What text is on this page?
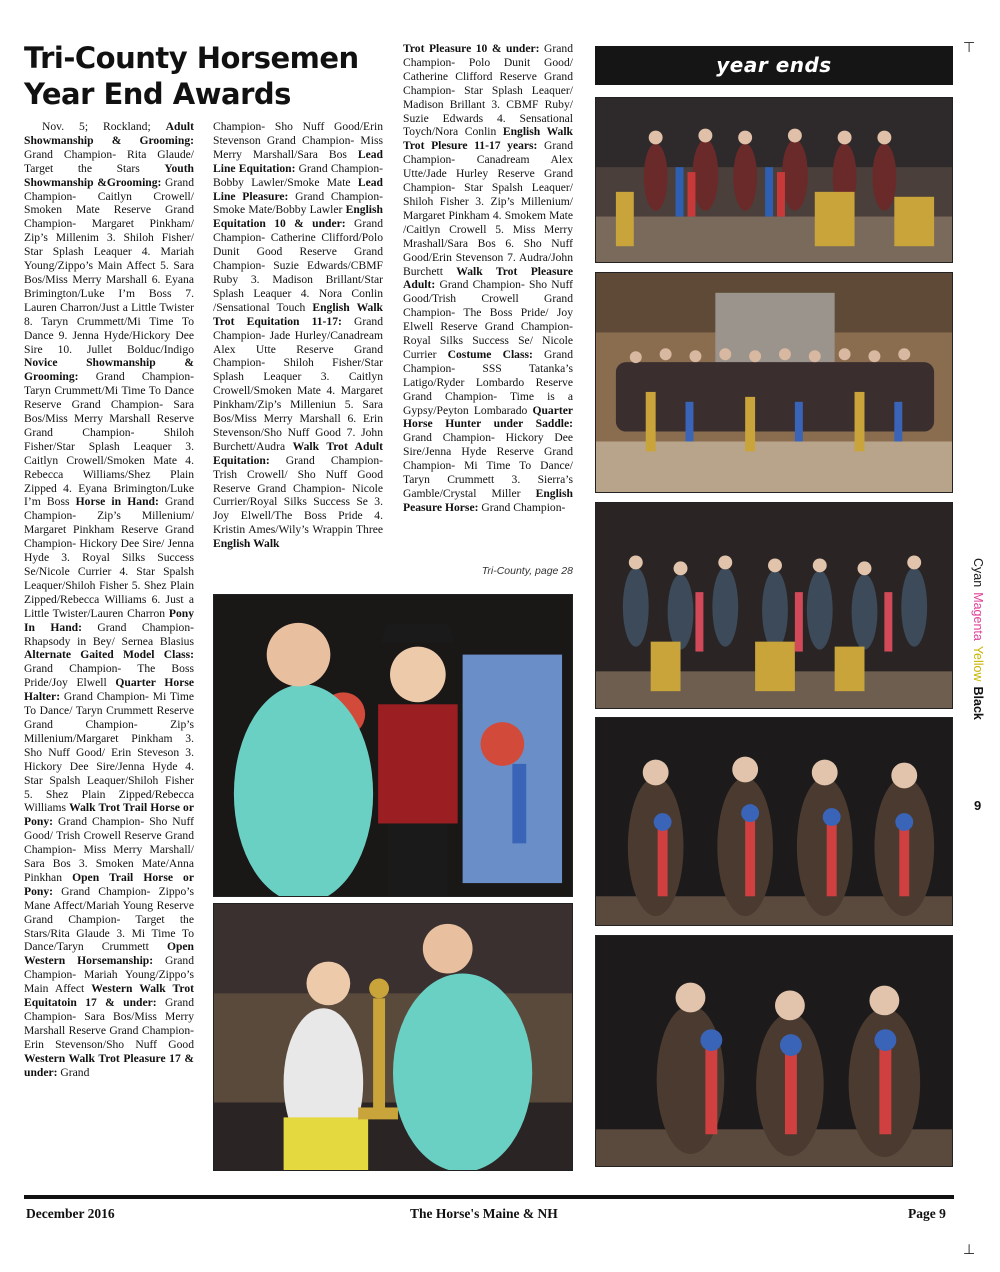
Tri-County Horsemen Year End Awards
Nov. 5; Rockland; Adult Showmanship & Grooming: Grand Champion- Rita Glaude/ Target the Stars Youth Showmanship &Grooming: Grand Champion- Caitlyn Crowell/ Smoken Mate Reserve Grand Champion- Margaret Pinkham/ Zip’s Millenim 3. Shiloh Fisher/ Star Splash Leaquer 4. Mariah Young/Zippo’s Main Affect 5. Sara Bos/Miss Merry Marshall 6. Eyana Brimington/Luke I’m Boss 7. Lauren Charron/Just a Little Twister 8. Taryn Crummett/Mi Time To Dance 9. Jenna Hyde/Hickory Dee Sire 10. Jullet Bolduc/Indigo Novice Showmanship & Grooming: Grand Champion- Taryn Crummett/Mi Time To Dance Reserve Grand Champion- Sara Bos/Miss Merry Marshall Reserve Grand Champion- Shiloh Fisher/Star Splash Leaquer 3. Caitlyn Crowell/Smoken Mate 4. Rebecca Williams/Shez Plain Zipped 4. Eyana Brimington/Luke I’m Boss Horse in Hand: Grand Champion- Zip’s Millenium/ Margaret Pinkham Reserve Grand Champion- Hickory Dee Sire/ Jenna Hyde 3. Royal Silks Success Se/Nicole Currier 4. Star Spalsh Leaquer/Shiloh Fisher 5. Shez Plain Zipped/Rebecca Williams 6. Just a Little Twister/Lauren Charron Pony In Hand: Grand Champion- Rhapsody in Bey/ Sernea Blasius Alternate Gaited Model Class: Grand Champion- The Boss Pride/Joy Elwell Quarter Horse Halter: Grand Champion- Mi Time To Dance/ Taryn Crummett Reserve Grand Champion- Zip’s Millenium/Margaret Pinkham 3. Sho Nuff Good/ Erin Steveson 3. Hickory Dee Sire/Jenna Hyde 4. Star Spalsh Leaquer/Shiloh Fisher 5. Shez Plain Zipped/Rebecca Williams Walk Trot Trail Horse or Pony: Grand Champion- Sho Nuff Good/ Trish Crowell Reserve Grand Champion- Miss Merry Marshall/ Sara Bos 3. Smoken Mate/Anna Pinkhan Open Trail Horse or Pony: Grand Champion- Zippo’s Mane Affect/Mariah Young Reserve Grand Champion- Target the Stars/Rita Glaude 3. Mi Time To Dance/Taryn Crummett Open Western Horsemanship: Grand Champion- Mariah Young/Zippo’s Main Affect Western Walk Trot Equitatoin 17 & under: Grand Champion- Sara Bos/Miss Merry Marshall Reserve Grand Champion- Erin Stevenson/Sho Nuff Good Western Walk Trot Pleasure 17 & under: Grand
Champion- Sho Nuff Good/Erin Stevenson Grand Champion- Miss Merry Marshall/Sara Bos Lead Line Equitation: Grand Champion- Bobby Lawler/Smoke Mate Lead Line Pleasure: Grand Champion- Smoke Mate/Bobby Lawler English Equitation 10 & under: Grand Champion- Catherine Clifford/Polo Dunit Good Reserve Grand Champion- Suzie Edwards/CBMF Ruby 3. Madison Brillant/Star Splash Leaquer 4. Nora Conlin /Sensational Touch English Walk Trot Equitation 11-17: Grand Champion- Jade Hurley/Canadream Alex Utte Reserve Grand Champion- Shiloh Fisher/Star Splash Leaquer 3. Caitlyn Crowell/Smoken Mate 4. Margaret Pinkham/Zip’s Milleniun 5. Sara Bos/Miss Merry Marshall 6. Erin Stevenson/Sho Nuff Good 7. John Burchett/Audra Walk Trot Adult Equitation: Grand Champion- Trish Crowell/ Sho Nuff Good Reserve Grand Champion- Nicole Currier/Royal Silks Success Se 3. Joy Elwell/The Boss Pride 4. Kristin Ames/Wily’s Wrappin Three English Walk
Trot Pleasure 10 & under: Grand Champion- Polo Dunit Good/ Catherine Clifford Reserve Grand Champion- Star Splash Leaquer/ Madison Brillant 3. CBMF Ruby/ Suzie Edwards 4. Sensational Toych/Nora Conlin English Walk Trot Plesure 11-17 years: Grand Champion- Canadream Alex Utte/Jade Hurley Reserve Grand Champion- Star Spalsh Leaquer/ Shiloh Fisher 3. Zip’s Millenium/ Margaret Pinkham 4. Smokem Mate /Caitlyn Crowell 5. Miss Merry Mrashall/Sara Bos 6. Sho Nuff Good/Erin Stevenson 7. Audra/John Burchett Walk Trot Pleasure Adult: Grand Champion- Sho Nuff Good/Trish Crowell Grand Champion- The Boss Pride/ Joy Elwell Reserve Grand Champion- Royal Silks Success Se/ Nicole Currier Costume Class: Grand Champion- SSS Tatanka’s Latigo/Ryder Lombardo Reserve Grand Champion- Time is a Gypsy/Peyton Lombarado Quarter Horse Hunter under Saddle: Grand Champion- Hickory Dee Sire/Jenna Hyde Reserve Grand Champion- Mi Time To Dance/ Taryn Crummett 3. Sierra’s Gamble/Crystal Miller English Peasure Horse: Grand Champion-
Tri-County, page 28
year ends
CyanMagentaYellowBlack
9
⊤
⊥
December 2016	The Horse's Maine & NH	Page 9
